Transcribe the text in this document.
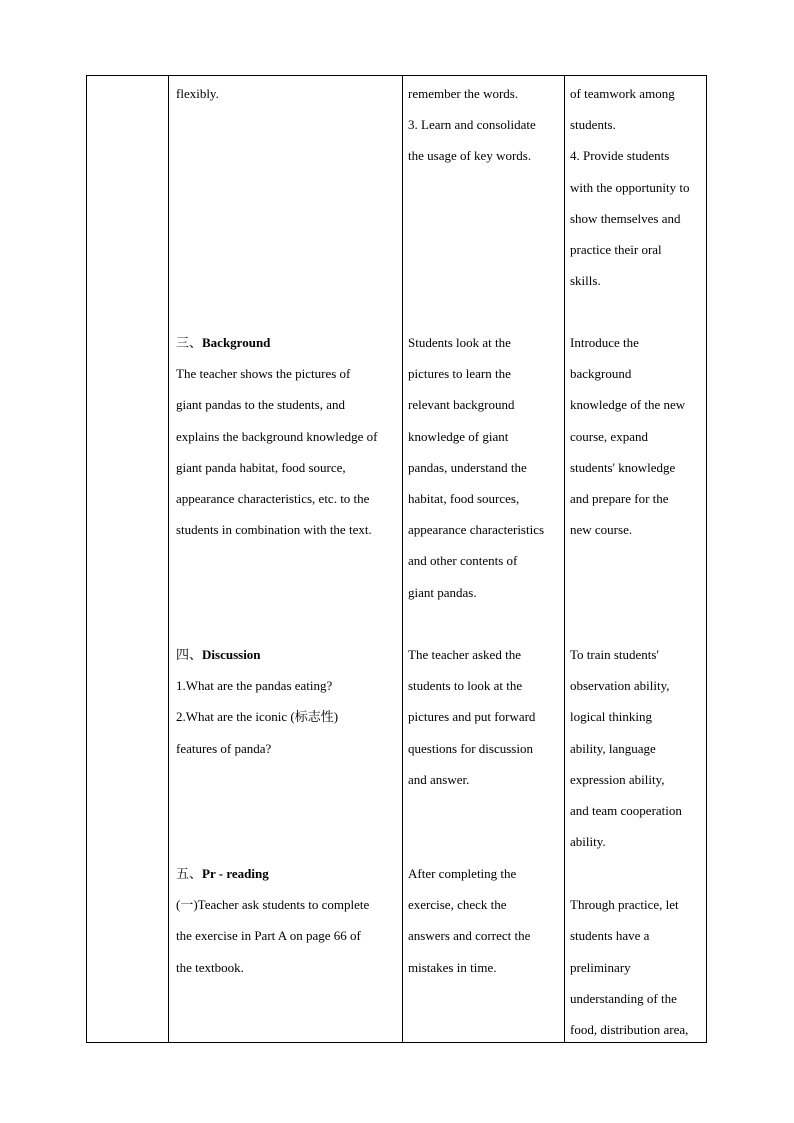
flexibly.
三、Background
The teacher shows the pictures of
giant pandas to the students, and
explains the background knowledge of
giant panda habitat, food source,
appearance characteristics, etc. to the
students in combination with the text.
四、Discussion
1.What are the pandas eating?
2.What are the iconic (标志性)
features of panda?
五、Pr - reading
(一)Teacher ask students to complete
the exercise in Part A on page 66 of
the textbook.
remember the words.
3. Learn and consolidate
the usage of key words.
Students look at the
pictures to learn the
relevant background
knowledge of giant
pandas, understand the
habitat, food sources,
appearance characteristics
and other contents of
giant pandas.
The teacher asked the
students to look at the
pictures and put forward
questions for discussion
and answer.
After completing the
exercise, check the
answers and correct the
mistakes in time.
of teamwork among
students.
4. Provide students
with the opportunity to
show themselves and
practice their oral
skills.
Introduce the
background
knowledge of the new
course, expand
students' knowledge
and prepare for the
new course.
To train students'
observation ability,
logical thinking
ability, language
expression ability,
and team cooperation
ability.

Through practice, let
students have a
preliminary
understanding of the
food, distribution area,
